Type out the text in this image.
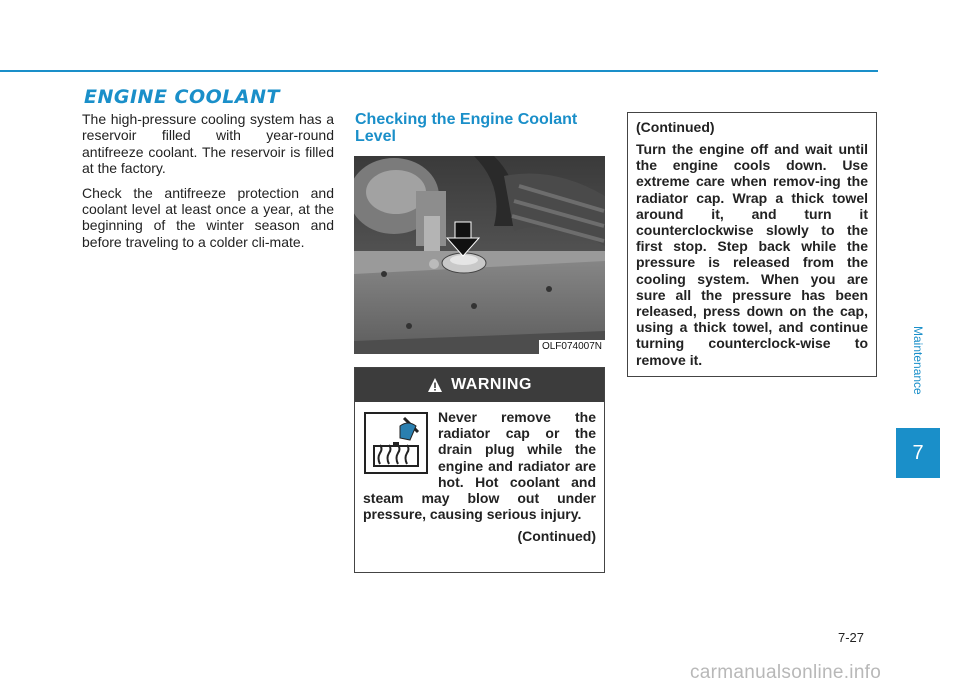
ENGINE COOLANT

The high-pressure cooling system has a reservoir filled with year-round antifreeze coolant. The reservoir is filled at the factory.

Check the antifreeze protection and coolant level at least once a year, at the beginning of the winter season and before traveling to a colder cli-mate.

Checking the Engine Coolant Level
OLF074007N
WARNING

Never remove the radiator cap or the drain plug while the engine and radiator are hot. Hot coolant and steam may blow out under pressure, causing serious injury.

(Continued)

(Continued)

Turn the engine off and wait until the engine cools down. Use extreme care when remov-ing the radiator cap. Wrap a thick towel around it, and turn it counterclockwise slowly to the first stop. Step back while the pressure is released from the cooling system. When you are sure all the pressure has been released, press down on the cap, using a thick towel, and continue turning counterclock-wise to remove it.	Maintenance
7
7-27
carmanualsonline.info
